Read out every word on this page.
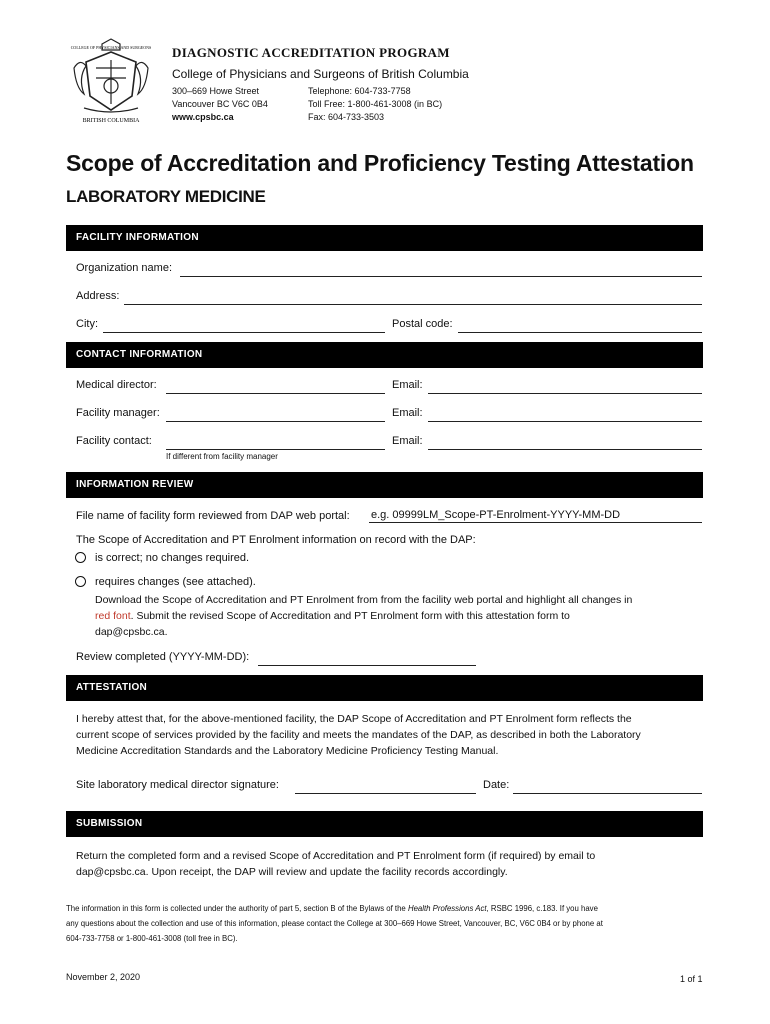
COLLEGE OF PHYSICIANS AND SURGEONS
BRITISH COLUMBIA
DIAGNOSTIC ACCREDITATION PROGRAM
College of Physicians and Surgeons of British Columbia
300–669 Howe Street
Vancouver BC V6C 0B4
www.cpsbc.ca
Telephone: 604-733-7758
Toll Free: 1-800-461-3008 (in BC)
Fax: 604-733-3503
Scope of Accreditation and Proficiency Testing Attestation
LABORATORY MEDICINE
FACILITY INFORMATION
Organization name:
Address:
City:	Postal code:
CONTACT INFORMATION
Medical director:	Email:
Facility manager:	Email:
Facility contact:	Email:
If different from facility manager
INFORMATION REVIEW
File name of facility form reviewed from DAP web portal: e.g. 09999LM_Scope-PT-Enrolment-YYYY-MM-DD
The Scope of Accreditation and PT Enrolment information on record with the DAP:
is correct; no changes required.
requires changes (see attached).
Download the Scope of Accreditation and PT Enrolment from from the facility web portal and highlight all changes in
red font. Submit the revised Scope of Accreditation and PT Enrolment form with this attestation form to
dap@cpsbc.ca.
Review completed (YYYY-MM-DD):
ATTESTATION
I hereby attest that, for the above-mentioned facility, the DAP Scope of Accreditation and PT Enrolment form reflects the
current scope of services provided by the facility and meets the mandates of the DAP, as described in both the Laboratory
Medicine Accreditation Standards and the Laboratory Medicine Proficiency Testing Manual.
Site laboratory medical director signature:	Date:
SUBMISSION
Return the completed form and a revised Scope of Accreditation and PT Enrolment form (if required) by email to
dap@cpsbc.ca. Upon receipt, the DAP will review and update the facility records accordingly.
The information in this form is collected under the authority of part 5, section B of the Bylaws of the Health Professions Act, RSBC 1996, c.183. If you have
any questions about the collection and use of this information, please contact the College at 300–669 Howe Street, Vancouver, BC, V6C 0B4 or by phone at
604-733-7758 or 1-800-461-3008 (toll free in BC).
November 2, 2020	1 of 1
